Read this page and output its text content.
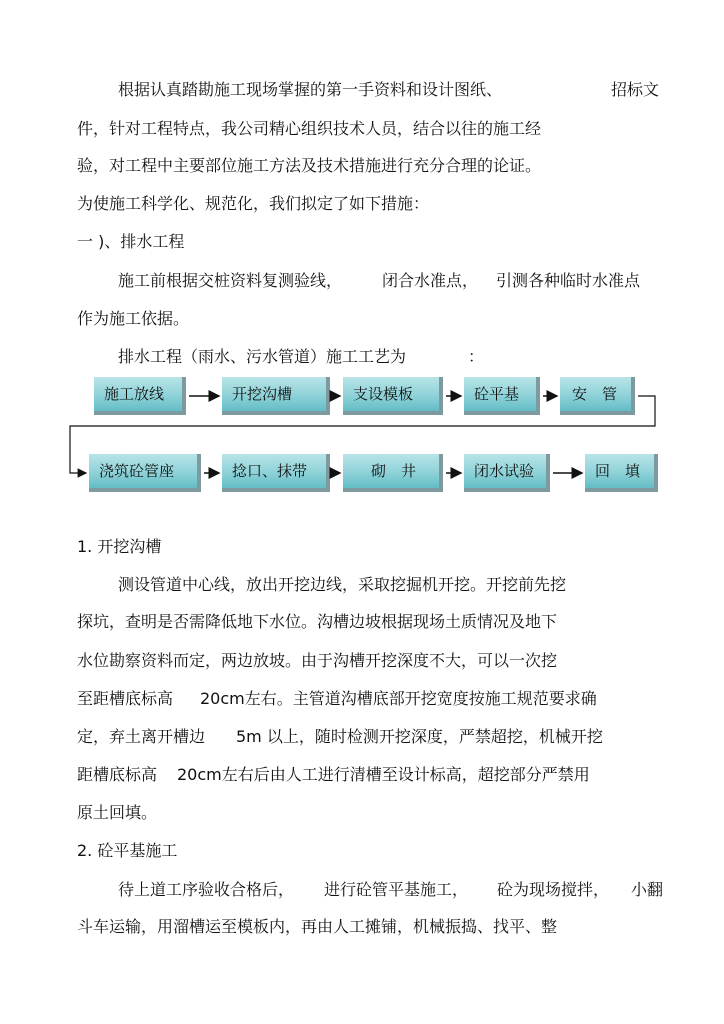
根据认真踏勘施工现场掌握的第一手资料和设计图纸、	招标文
件，针对工程特点，我公司精心组织技术人员，结合以往的施工经
验，对工程中主要部位施工方法及技术措施进行充分合理的论证。
为使施工科学化、规范化，我们拟定了如下措施：
一 )、排水工程
施工前根据交桩资料复测验线， 闭合水准点， 引测各种临时水准点
作为施工依据。
排水工程（雨水、污水管道）施工工艺为	：
施工放线	开挖沟槽	支设模板	砼平基	安　管
浇筑砼管座	捻口、抹带	砌　井	闭水试验	回　填
1. 开挖沟槽
测设管道中心线，放出开挖边线，采取挖掘机开挖。开挖前先挖
探坑，查明是否需降低地下水位。沟槽边坡根据现场土质情况及地下
水位勘察资料而定，两边放坡。由于沟槽开挖深度不大，可以一次挖
至距槽底标高 20cm左右。主管道沟槽底部开挖宽度按施工规范要求确
定，弃土离开槽边 5m 以上，随时检测开挖深度，严禁超挖，机械开挖
距槽底标高 20cm左右后由人工进行清槽至设计标高，超挖部分严禁用
原土回填。
2. 砼平基施工
待上道工序验收合格后， 进行砼管平基施工， 砼为现场搅拌， 小翻
斗车运输，用溜槽运至模板内，再由人工摊铺，机械振捣、找平、整
